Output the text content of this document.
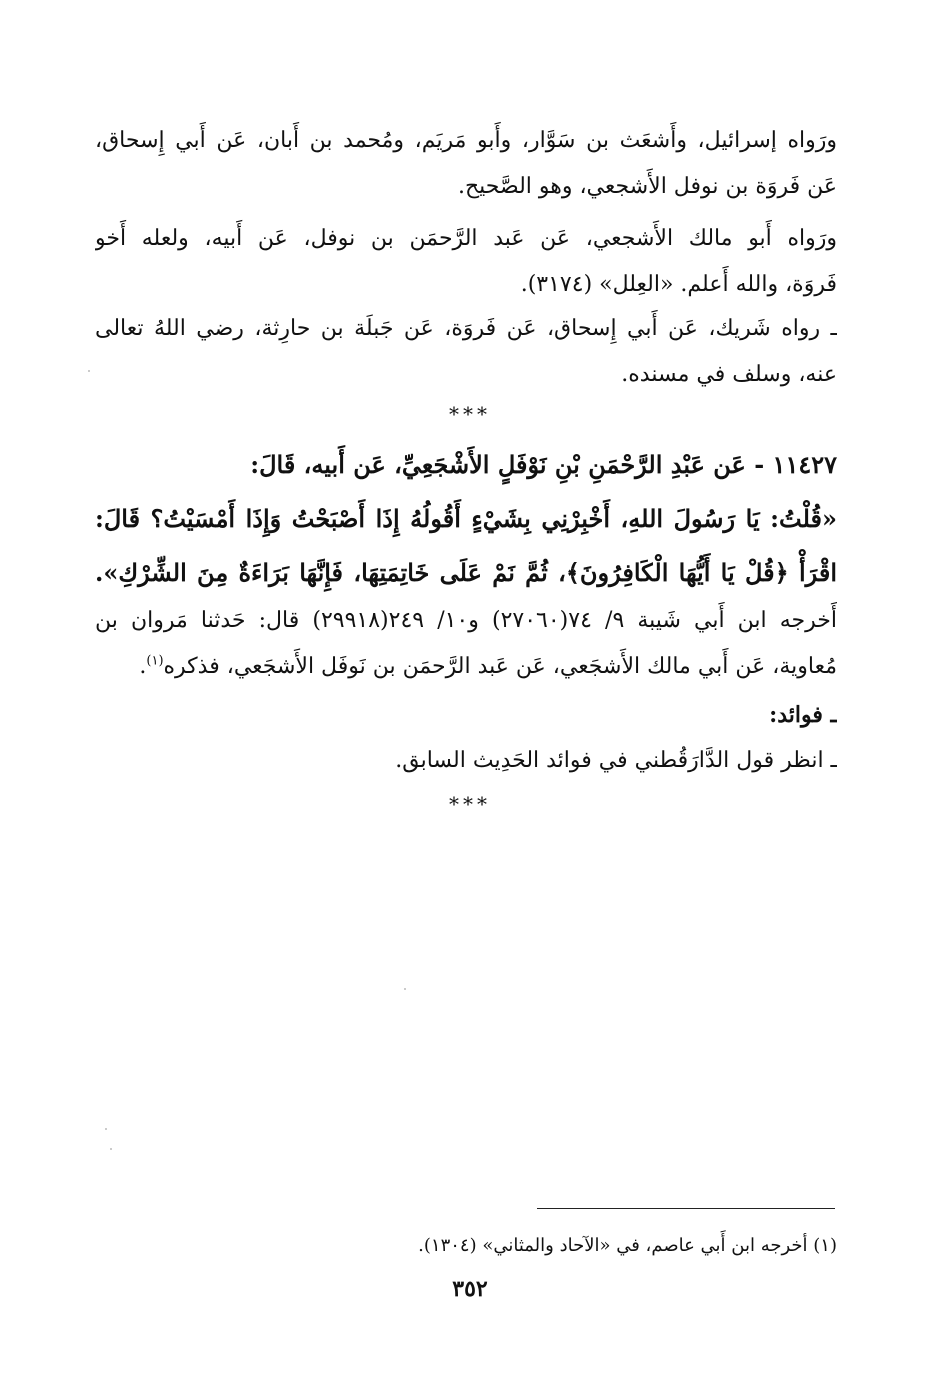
ورَواه إسرائيل، وأَشعَث بن سَوَّار، وأَبو مَريَم، ومُحمد بن أَبان، عَن أَبي إِسحاق،
عَن فَروَة بن نوفل الأَشجعي، وهو الصَّحيح.
ورَواه أَبو مالك الأَشجعي، عَن عَبد الرَّحمَن بن نوفل، عَن أَبيه، ولعله أَخو
فَروَة، والله أَعلم. «العِلل» (٣١٧٤).
ـ رواه شَريك، عَن أَبي إِسحاق، عَن فَروَة، عَن جَبلَة بن حارِثة، رضي اللهُ تعالى
عنه، وسلف في مسنده.
***
١١٤٢٧ - عَن عَبْدِ الرَّحْمَنِ بْنِ نَوْفَلٍ الأَشْجَعِيِّ، عَن أَبيه، قَالَ:
«قُلْتُ: يَا رَسُولَ اللهِ، أَخْبِرْنِي بِشَيْءٍ أَقُولُهُ إِذَا أَصْبَحْتُ وَإِذَا أَمْسَيْتُ؟ قَالَ:
اقْرَأْ ﴿قُلْ يَا أَيُّهَا الْكَافِرُونَ﴾، ثُمَّ نَمْ عَلَى خَاتِمَتِهَا، فَإِنَّهَا بَرَاءَةٌ مِنَ الشِّرْكِ».
أَخرجه ابن أَبي شَيبة ٩/ ٧٤(٢٧٠٦٠) و١٠/ ٢٤٩(٢٩٩١٨) قال: حَدثنا مَروان بن
مُعاوية، عَن أَبي مالك الأَشجَعي، عَن عَبد الرَّحمَن بن نَوفَل الأَشجَعي، فذكره$^{(١)}$.
ـ فوائد:
ـ انظر قول الدَّارَقُطني في فوائد الحَدِيث السابق.
***
(١) أخرجه ابن أَبي عاصم، في «الآحاد والمثاني» (١٣٠٤).
٣٥٢
